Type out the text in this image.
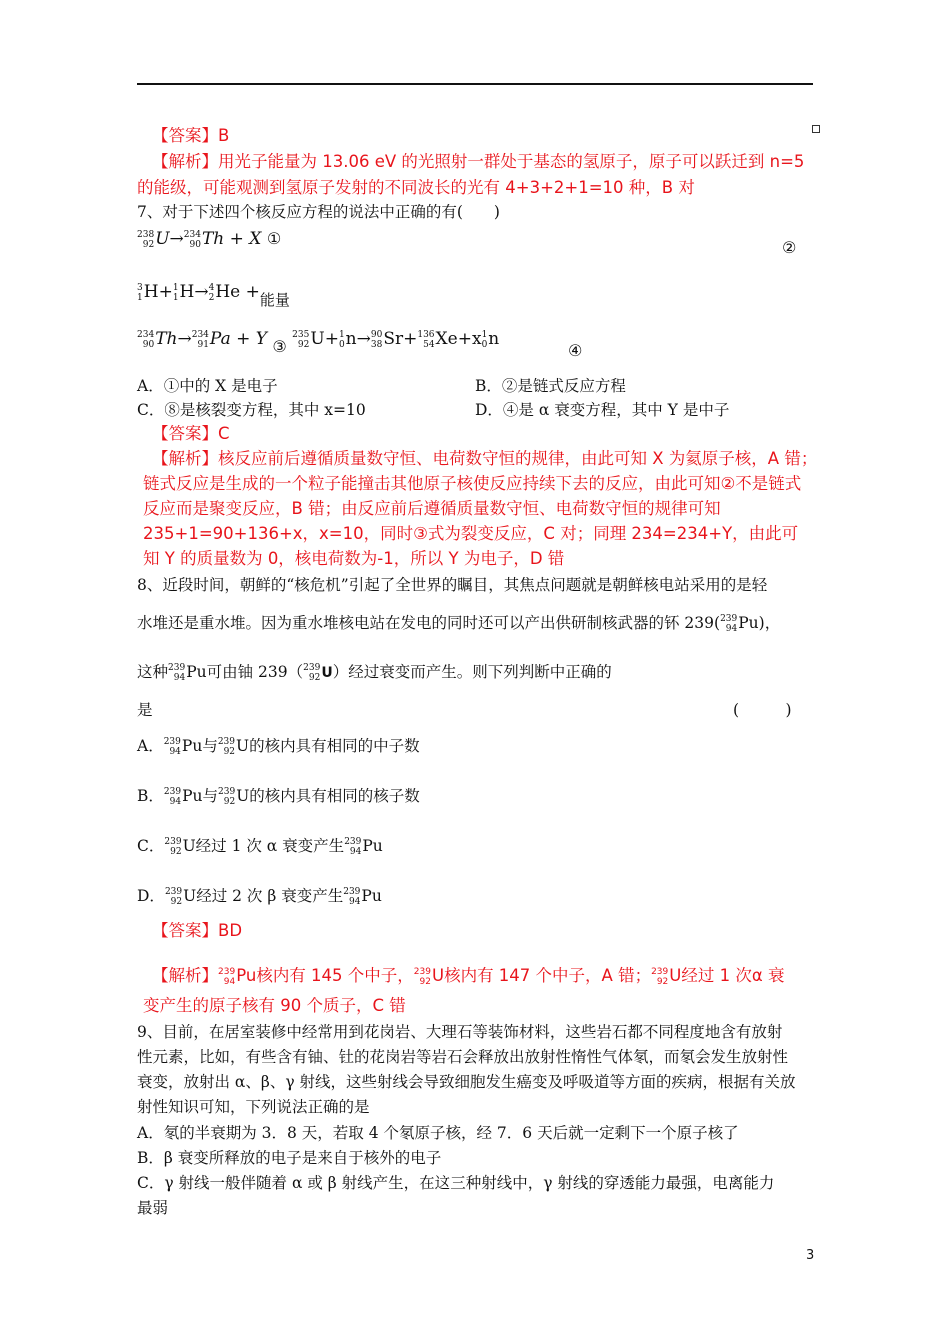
【答案】B
【解析】用光子能量为 13.06 eV 的光照射一群处于基态的氢原子，原子可以跃迁到 n=5
的能级，可能观测到氢原子发射的不同波长的光有 4+3+2+1=10 种，B 对
7、对于下述四个核反应方程的说法中正确的有(　　)
238
92 U→ 234
90 Th + X ①	②
3
1 H+ 1
1 H→ 4
2 He +能量
234
90 Th→ 234
91 Pa + Y ③
235
92 U+ 1
0 n→ 90
38 Sr+ 136
54 Xe+x 1
0 n
④
A．①中的 X 是电子	B．②是链式反应方程
C．⑧是核裂变方程，其中 x=10	D．④是 α 衰变方程，其中 Y 是中子
【答案】C
【解析】核反应前后遵循质量数守恒、电荷数守恒的规律，由此可知 X 为氦原子核，A 错；
链式反应是生成的一个粒子能撞击其他原子核使反应持续下去的反应，由此可知②不是链式
反应而是聚变反应，B 错；由反应前后遵循质量数守恒、电荷数守恒的规律可知
235+1=90+136+x，x=10，同时③式为裂变反应，C 对；同理 234=234+Y，由此可
知 Y 的质量数为 0，核电荷数为-1，所以 Y 为电子，D 错
8、近段时间，朝鲜的“核危机”引起了全世界的瞩目，其焦点问题就是朝鲜核电站采用的是轻
水堆还是重水堆。因为重水堆核电站在发电的同时还可以产出供研制核武器的钚 239( 239
94 Pu)，
这种 239
94 Pu可由铀 239（ 239
92 U）经过衰变而产生。则下列判断中正确的
是	(　　　)
A． 239
94 Pu与 239
92 U的核内具有相同的中子数
B． 239
94 Pu与 239
92 U的核内具有相同的核子数
C． 239
92 U经过 1 次 α 衰变产生 239
94 Pu
D． 239
92 U经过 2 次 β 衰变产生 239
94 Pu
【答案】BD
【解析】 239
94 Pu核内有 145 个中子， 239
92 U核内有 147 个中子，A 错； 239
92 U经过 1 次α 衰
变产生的原子核有 90 个质子，C 错
9、目前，在居室装修中经常用到花岗岩、大理石等装饰材料，这些岩石都不同程度地含有放射
性元素，比如，有些含有铀、钍的花岗岩等岩石会释放出放射性惰性气体氡，而氡会发生放射性
衰变，放射出 α、β、γ 射线，这些射线会导致细胞发生癌变及呼吸道等方面的疾病，根据有关放
射性知识可知，下列说法正确的是
A．氡的半衰期为 3．8 天，若取 4 个氡原子核，经 7．6 天后就一定剩下一个原子核了
B．β 衰变所释放的电子是来自于核外的电子
C．γ 射线一般伴随着 α 或 β 射线产生，在这三种射线中，γ 射线的穿透能力最强，电离能力
最弱
3
